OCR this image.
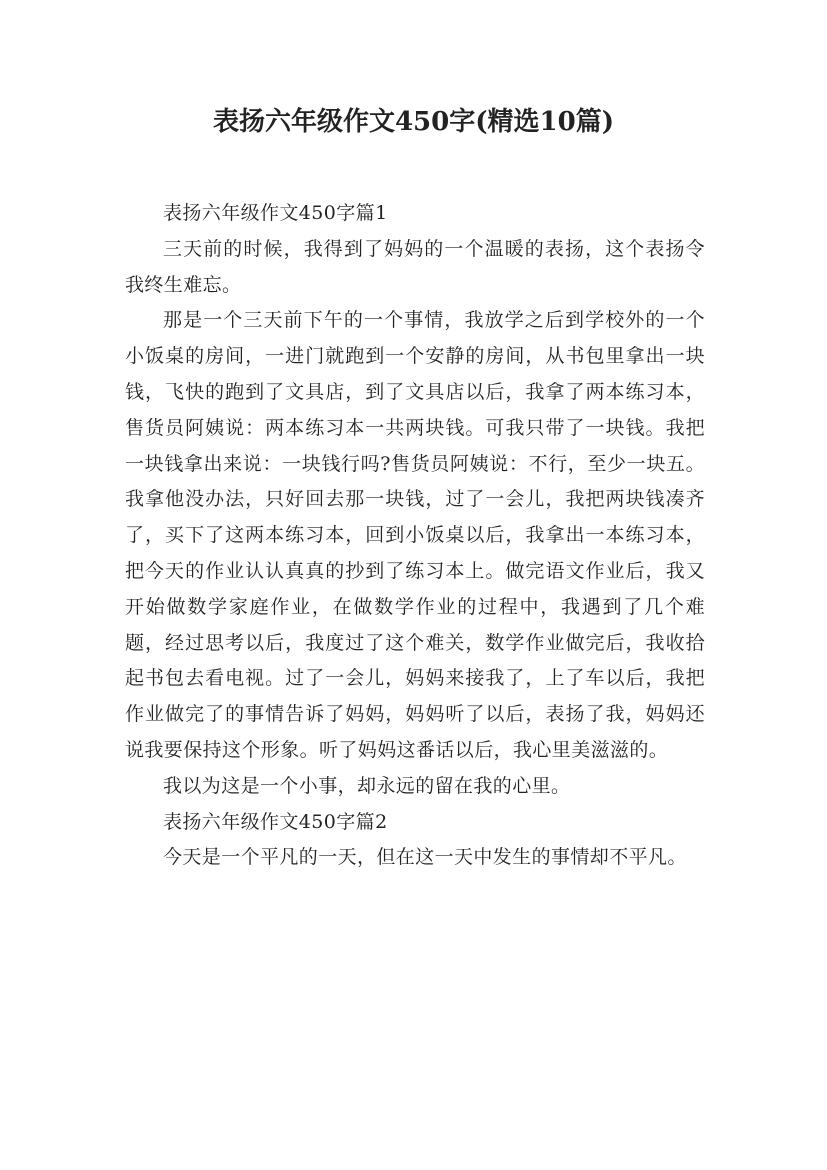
表扬六年级作文450字(精选10篇)

表扬六年级作文450字篇1

三天前的时候，我得到了妈妈的一个温暖的表扬，这个表扬令我终生难忘。

那是一个三天前下午的一个事情，我放学之后到学校外的一个小饭桌的房间，一进门就跑到一个安静的房间，从书包里拿出一块钱，飞快的跑到了文具店，到了文具店以后，我拿了两本练习本，售货员阿姨说：两本练习本一共两块钱。可我只带了一块钱。我把一块钱拿出来说：一块钱行吗?售货员阿姨说：不行，至少一块五。我拿他没办法，只好回去那一块钱，过了一会儿，我把两块钱凑齐了，买下了这两本练习本，回到小饭桌以后，我拿出一本练习本，把今天的作业认认真真的抄到了练习本上。做完语文作业后，我又开始做数学家庭作业，在做数学作业的过程中，我遇到了几个难题，经过思考以后，我度过了这个难关，数学作业做完后，我收拾起书包去看电视。过了一会儿，妈妈来接我了，上了车以后，我把作业做完了的事情告诉了妈妈，妈妈听了以后，表扬了我，妈妈还说我要保持这个形象。听了妈妈这番话以后，我心里美滋滋的。

我以为这是一个小事，却永远的留在我的心里。

表扬六年级作文450字篇2

今天是一个平凡的一天，但在这一天中发生的事情却不平凡。
